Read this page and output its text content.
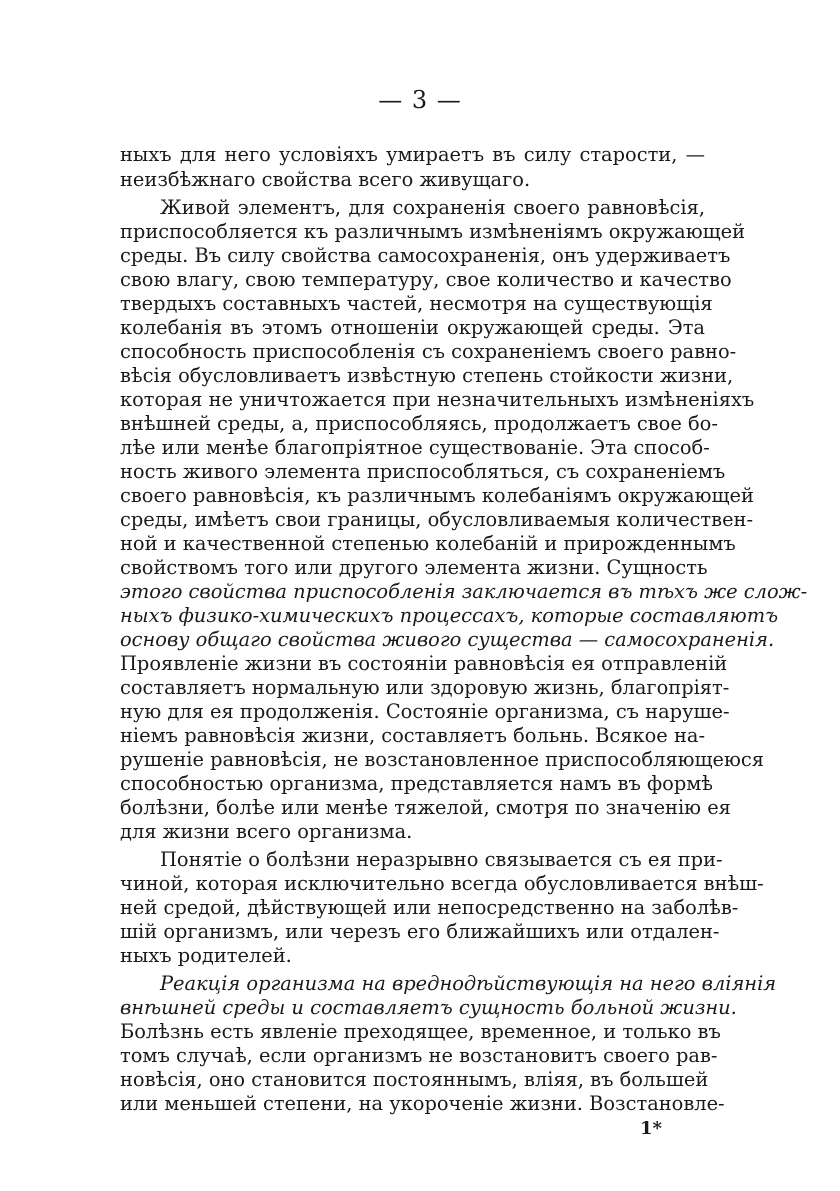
— 3 —
ныхъ для него условіяхъ умираетъ въ силу старости, —
неизбѣжнаго свойства всего живущаго.
Живой элементъ, для сохраненія своего равновѣсія,
приспособляется къ различнымъ измѣненіямъ окружающей
среды. Въ силу свойства самосохраненія, онъ удерживаетъ
свою влагу, свою температуру, свое количество и качество
твердыхъ составныхъ частей, несмотря на существующія
колебанія въ этомъ отношеніи окружающей среды. Эта
способность приспособленія съ сохраненіемъ своего равно-
вѣсія обусловливаетъ извѣстную степень стойкости жизни,
которая не уничтожается при незначительныхъ измѣненіяхъ
внѣшней среды, а, приспособляясь, продолжаетъ свое бо-
лѣе или менѣе благопріятное существованіе. Эта способ-
ность живого элемента приспособляться, съ сохраненіемъ
своего равновѣсія, къ различнымъ колебаніямъ окружающей
среды, имѣетъ свои границы, обусловливаемыя количествен-
ной и качественной степенью колебаній и прирожденнымъ
свойствомъ того или другого элемента жизни. Сущность
этого свойства приспособленія заключается въ тѣхъ же слож-
ныхъ физико-химическихъ процессахъ, которые составляютъ
основу общаго свойства живого существа — самосохраненія.
Проявленіе жизни въ состояніи равновѣсія ея отправленій
составляетъ нормальную или здоровую жизнь, благопріят-
ную для ея продолженія. Состояніе организма, съ наруше-
ніемъ равновѣсія жизни, составляетъ больнь. Всякое на-
рушеніе равновѣсія, не возстановленное приспособляющеюся
способностью организма, представляется намъ въ формѣ
болѣзни, болѣе или менѣе тяжелой, смотря по значенію ея
для жизни всего организма.
Понятіе о болѣзни неразрывно связывается съ ея при-
чиной, которая исключительно всегда обусловливается внѣш-
ней средой, дѣйствующей или непосредственно на заболѣв-
шій организмъ, или черезъ его ближайшихъ или отдален-
ныхъ родителей.
Реакція организма на вреднодѣйствующія на него вліянія
внѣшней среды и составляетъ сущность больной жизни.
Болѣзнь есть явленіе преходящее, временное, и только въ
томъ случаѣ, если организмъ не возстановитъ своего рав-
новѣсія, оно становится постояннымъ, вліяя, въ большей
или меньшей степени, на укороченіе жизни. Возстановле-
1*
